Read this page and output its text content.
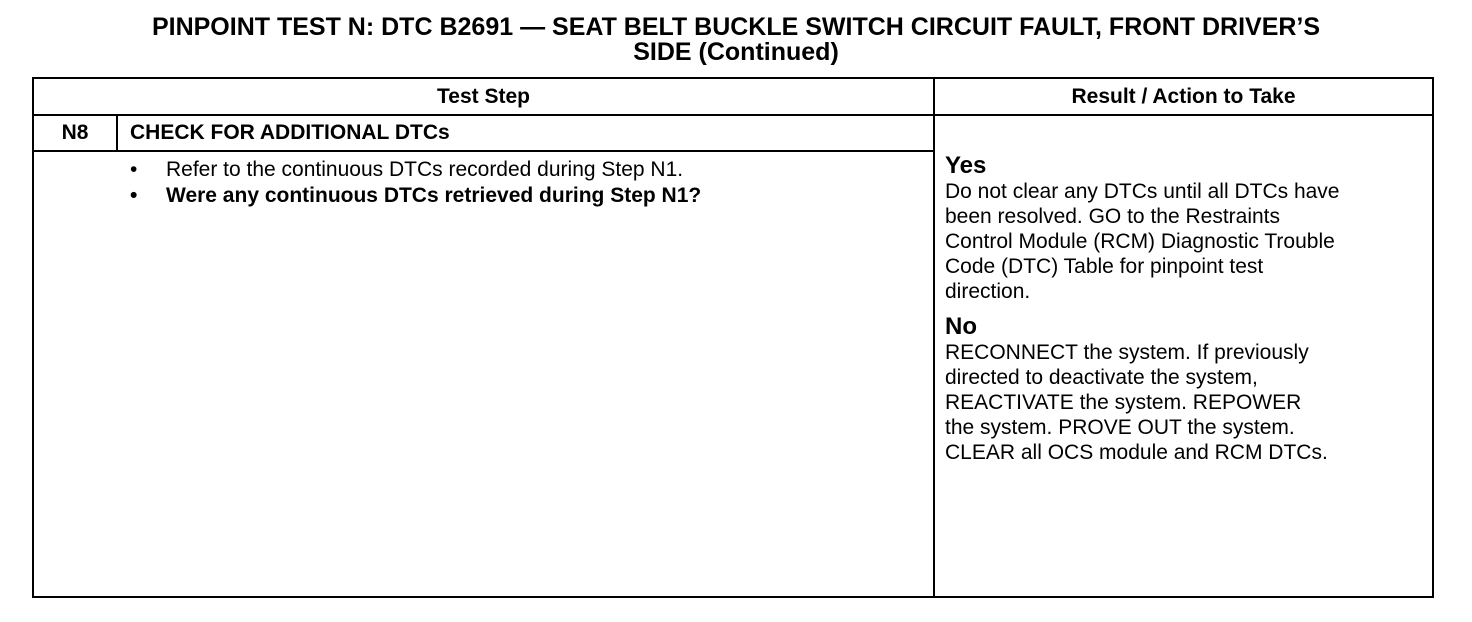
PINPOINT TEST N: DTC B2691 — SEAT BELT BUCKLE SWITCH CIRCUIT FAULT, FRONT DRIVER’S
SIDE (Continued)
Test Step	Result / Action to Take
N8	CHECK FOR ADDITIONAL DTCs
• Refer to the continuous DTCs recorded during Step N1.
• Were any continuous DTCs retrieved during Step N1?
Yes
Do not clear any DTCs until all DTCs have
been resolved. GO to the Restraints
Control Module (RCM) Diagnostic Trouble
Code (DTC) Table for pinpoint test
direction.
No
RECONNECT the system. If previously
directed to deactivate the system,
REACTIVATE the system. REPOWER
the system. PROVE OUT the system.
CLEAR all OCS module and RCM DTCs.
